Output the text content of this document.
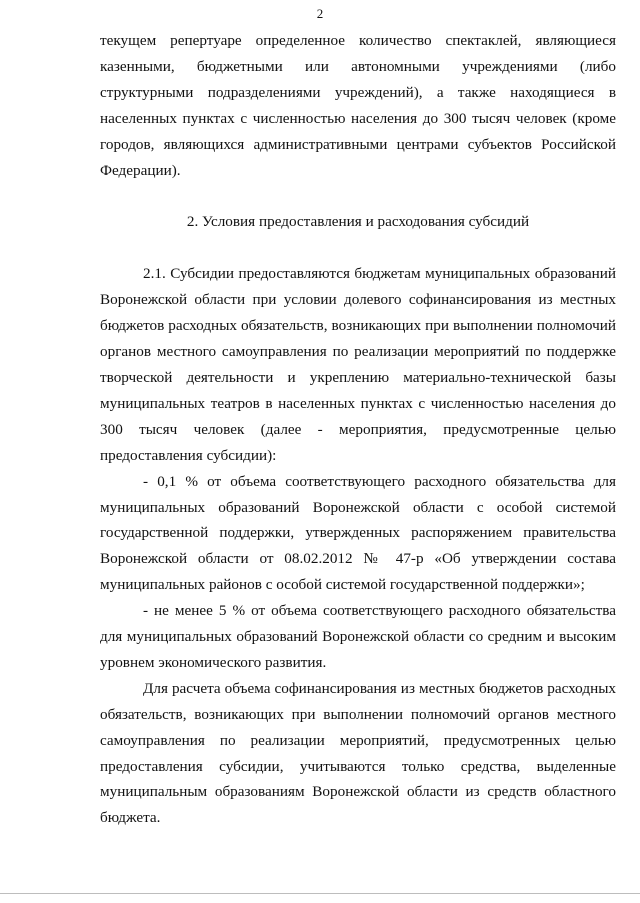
2

текущем репертуаре определенное количество спектаклей, являющиеся казенными, бюджетными или автономными учреждениями (либо структурными подразделениями учреждений), а также находящиеся в населенных пунктах с численностью населения до 300 тысяч человек (кроме городов, являющихся административными центрами субъектов Российской Федерации).

2. Условия предоставления и расходования субсидий

2.1. Субсидии предоставляются бюджетам муниципальных образований Воронежской области при условии долевого софинансирования из местных бюджетов расходных обязательств, возникающих при выполнении полномочий органов местного самоуправления по реализации мероприятий по поддержке творческой деятельности и укреплению материально-технической базы муниципальных театров в населенных пунктах с численностью населения до 300 тысяч человек (далее - мероприятия, предусмотренные целью предоставления субсидии):

- 0,1 % от объема соответствующего расходного обязательства для муниципальных образований Воронежской области с особой системой государственной поддержки, утвержденных распоряжением правительства Воронежской области от 08.02.2012 № 47-р «Об утверждении состава муниципальных районов с особой системой государственной поддержки»;

- не менее 5 % от объема соответствующего расходного обязательства для муниципальных образований Воронежской области со средним и высоким уровнем экономического развития.

Для расчета объема софинансирования из местных бюджетов расходных обязательств, возникающих при выполнении полномочий органов местного самоуправления по реализации мероприятий, предусмотренных целью предоставления субсидии, учитываются только средства, выделенные муниципальным образованиям Воронежской области из средств областного бюджета.
